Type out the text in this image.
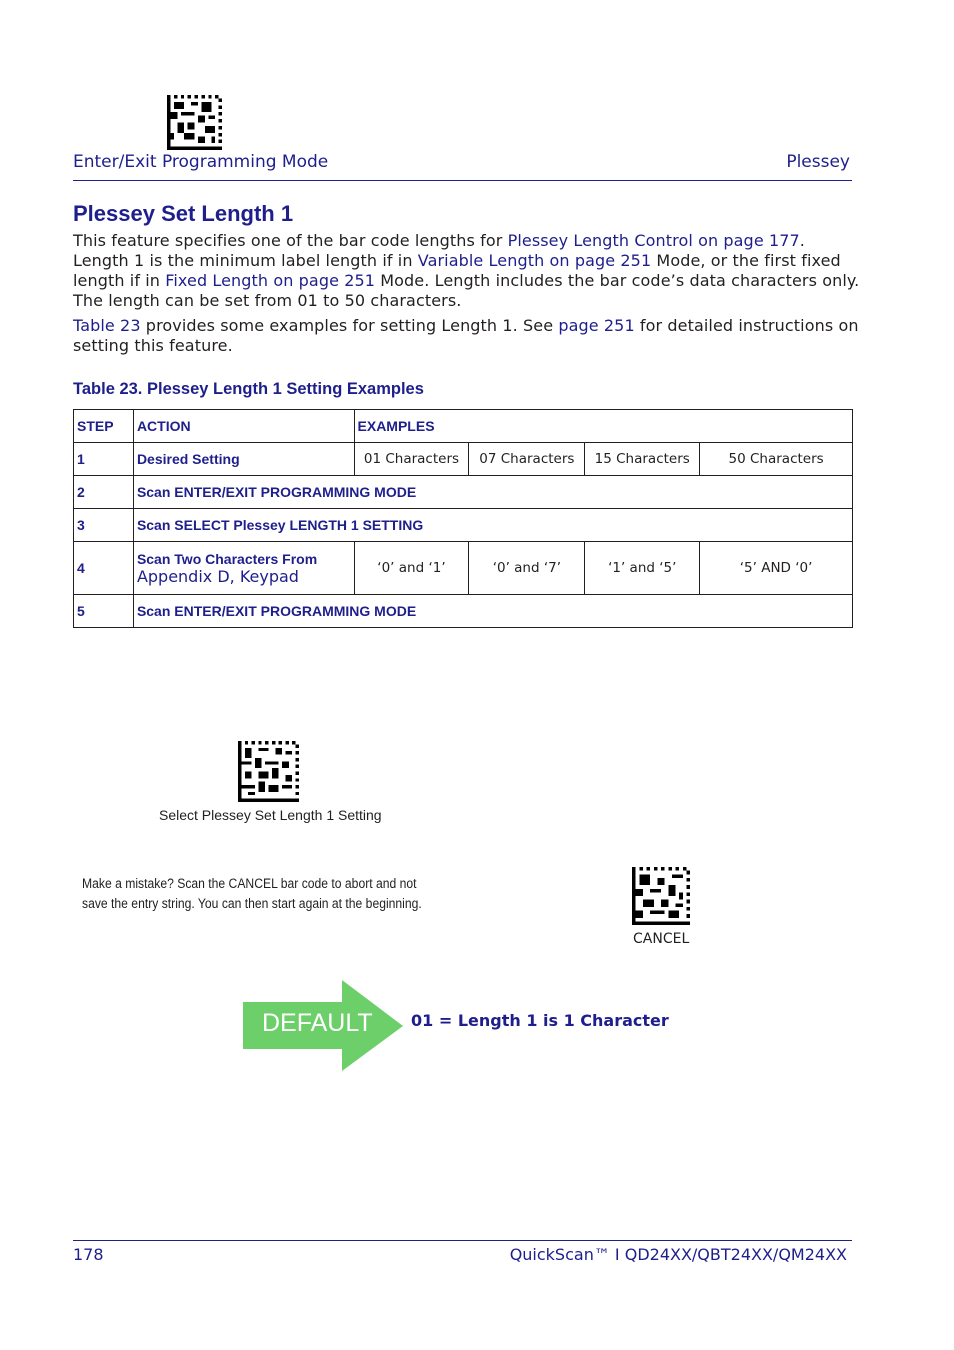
Enter/Exit Programming Mode	Plessey
Plessey Set Length 1
This feature specifies one of the bar code lengths for Plessey Length Control on page 177. Length 1 is the minimum label length if in Variable Length on page 251 Mode, or the first fixed length if in Fixed Length on page 251 Mode. Length includes the bar code’s data characters only. The length can be set from 01 to 50 characters.
Table 23 provides some examples for setting Length 1. See page 251 for detailed instructions on setting this feature.
Table 23. Plessey Length 1 Setting Examples
STEP	ACTION	EXAMPLES			
1	Desired Setting	01 Characters	07 Characters	15 Characters	50 Characters
2	Scan ENTER/EXIT PROGRAMMING MODE				
3	Scan SELECT Plessey LENGTH 1 SETTING				
4	Scan Two Characters From
Appendix D, Keypad	‘0’ and ‘1’	‘0’ and ‘7’	‘1’ and ‘5’	‘5’ AND ‘0’
5	Scan ENTER/EXIT PROGRAMMING MODE				
Select Plessey Set Length 1 Setting
Make a mistake? Scan the CANCEL bar code to abort and not save the entry string. You can then start again at the beginning.
CANCEL
DEFAULT 01 = Length 1 is 1 Character
178	QuickScan™ I QD24XX/QBT24XX/QM24XX
